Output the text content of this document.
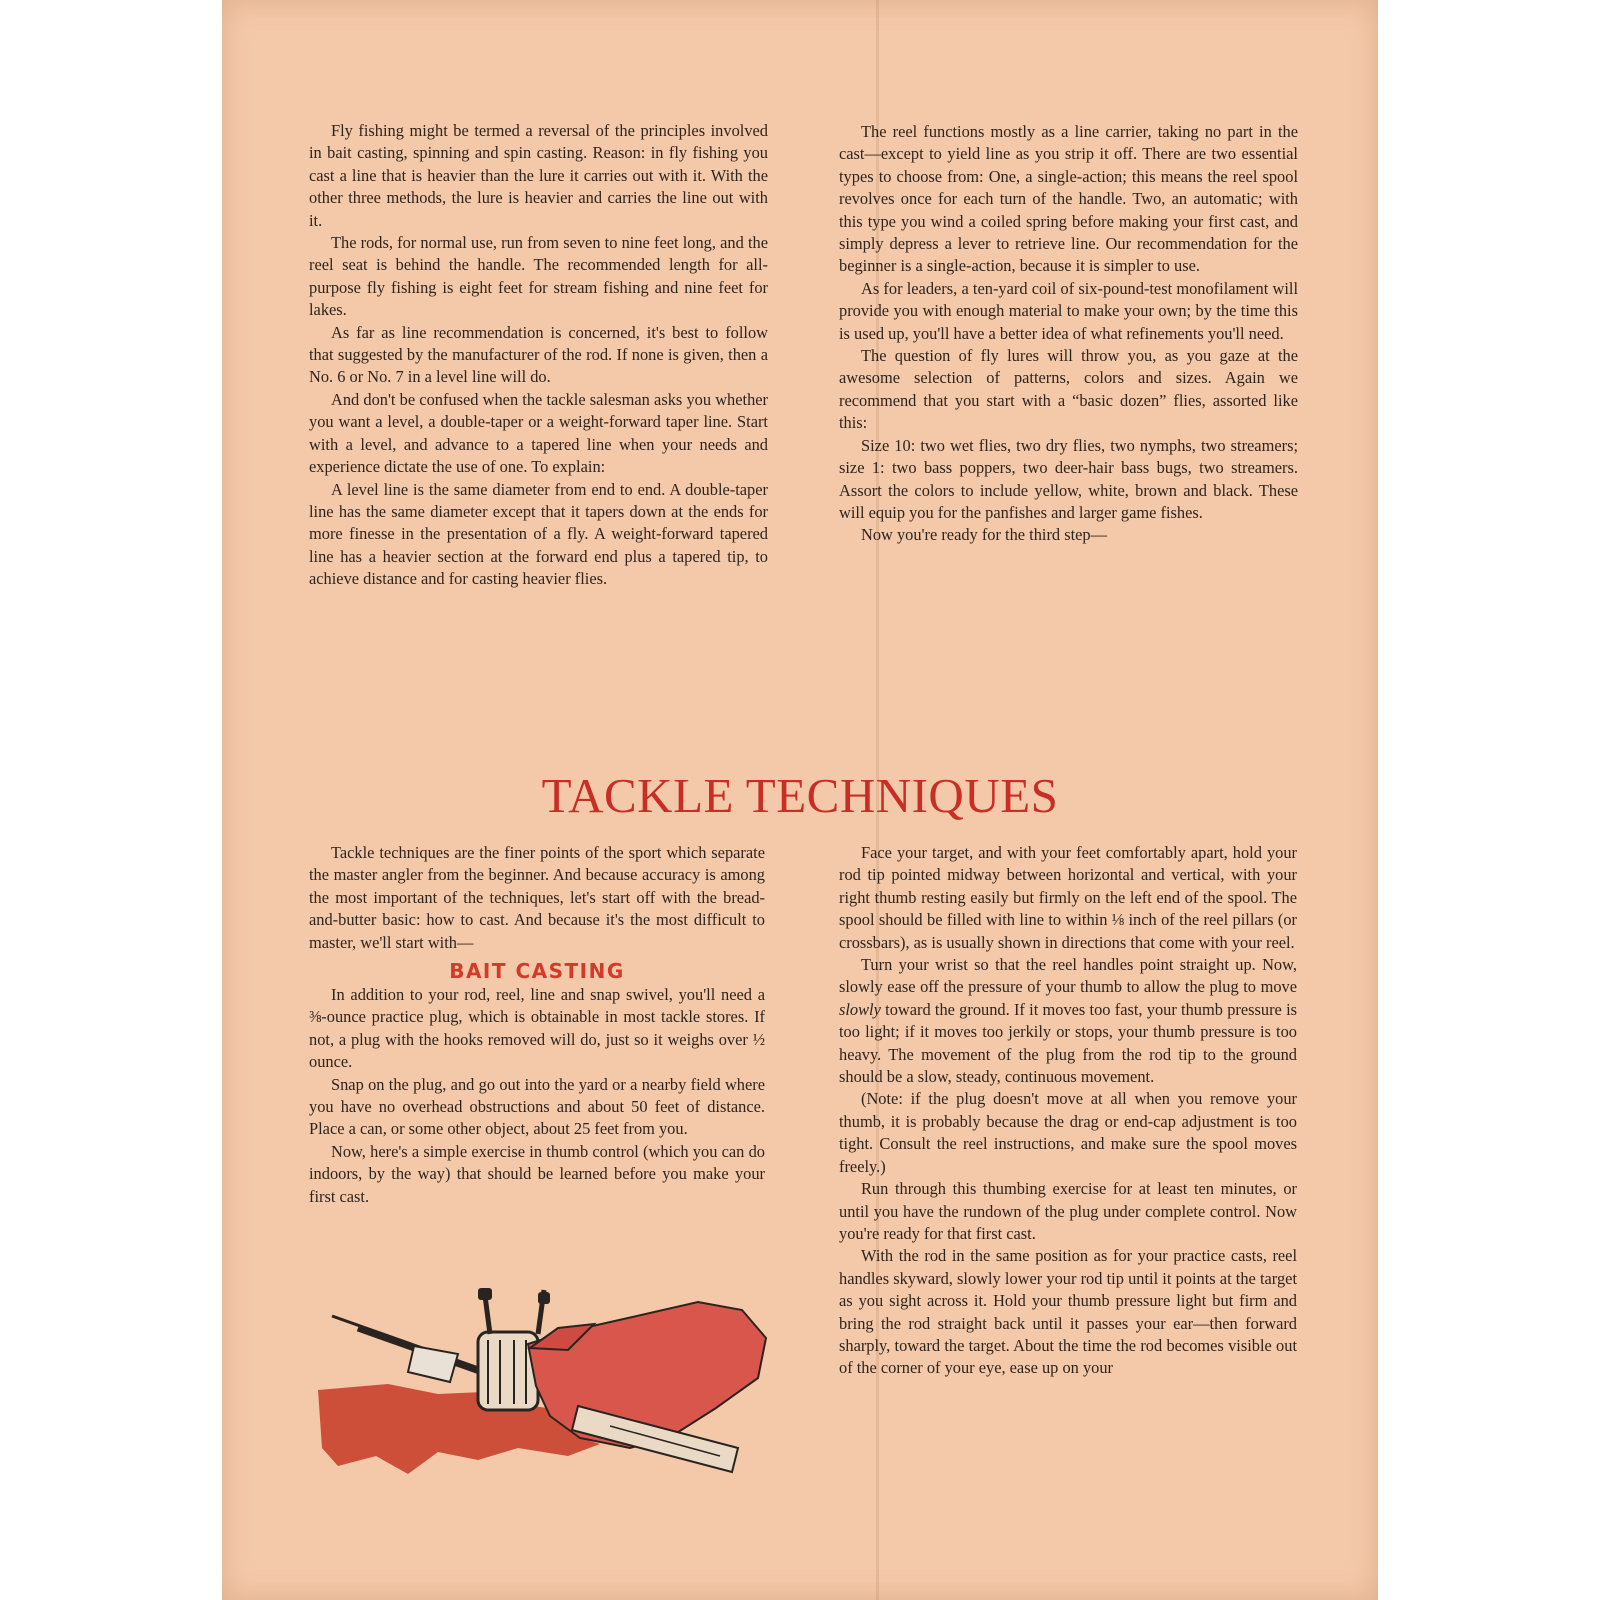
Fly fishing might be termed a reversal of the principles involved in bait casting, spinning and spin casting. Reason: in fly fishing you cast a line that is heavier than the lure it carries out with it. With the other three methods, the lure is heavier and carries the line out with it.

The rods, for normal use, run from seven to nine feet long, and the reel seat is behind the handle. The recommended length for all-purpose fly fishing is eight feet for stream fishing and nine feet for lakes.

As far as line recommendation is concerned, it's best to follow that suggested by the manufacturer of the rod. If none is given, then a No. 6 or No. 7 in a level line will do.

And don't be confused when the tackle salesman asks you whether you want a level, a double-taper or a weight-forward taper line. Start with a level, and advance to a tapered line when your needs and experience dictate the use of one. To explain:

A level line is the same diameter from end to end. A double-taper line has the same diameter except that it tapers down at the ends for more finesse in the presentation of a fly. A weight-forward tapered line has a heavier section at the forward end plus a tapered tip, to achieve distance and for casting heavier flies.

The reel functions mostly as a line carrier, taking no part in the cast—except to yield line as you strip it off. There are two essential types to choose from: One, a single-action; this means the reel spool revolves once for each turn of the handle. Two, an automatic; with this type you wind a coiled spring before making your first cast, and simply depress a lever to retrieve line. Our recommendation for the beginner is a single-action, because it is simpler to use.

As for leaders, a ten-yard coil of six-pound-test monofilament will provide you with enough material to make your own; by the time this is used up, you'll have a better idea of what refinements you'll need.

The question of fly lures will throw you, as you gaze at the awesome selection of patterns, colors and sizes. Again we recommend that you start with a “basic dozen” flies, assorted like this:

Size 10: two wet flies, two dry flies, two nymphs, two streamers; size 1: two bass poppers, two deer-hair bass bugs, two streamers. Assort the colors to include yellow, white, brown and black. These will equip you for the panfishes and larger game fishes.

Now you're ready for the third step—

TACKLE TECHNIQUES

Tackle techniques are the finer points of the sport which separate the master angler from the beginner. And because accuracy is among the most important of the techniques, let's start off with the bread-and-butter basic: how to cast. And because it's the most difficult to master, we'll start with—

BAIT CASTING

In addition to your rod, reel, line and snap swivel, you'll need a ⅜-ounce practice plug, which is obtainable in most tackle stores. If not, a plug with the hooks removed will do, just so it weighs over ½ ounce.

Snap on the plug, and go out into the yard or a nearby field where you have no overhead obstructions and about 50 feet of distance. Place a can, or some other object, about 25 feet from you.

Now, here's a simple exercise in thumb control (which you can do indoors, by the way) that should be learned before you make your first cast.

Face your target, and with your feet comfortably apart, hold your rod tip pointed midway between horizontal and vertical, with your right thumb resting easily but firmly on the left end of the spool. The spool should be filled with line to within ⅛ inch of the reel pillars (or crossbars), as is usually shown in directions that come with your reel.

Turn your wrist so that the reel handles point straight up. Now, slowly ease off the pressure of your thumb to allow the plug to move slowly toward the ground. If it moves too fast, your thumb pressure is too light; if it moves too jerkily or stops, your thumb pressure is too heavy. The movement of the plug from the rod tip to the ground should be a slow, steady, continuous movement.

(Note: if the plug doesn't move at all when you remove your thumb, it is probably because the drag or end-cap adjustment is too tight. Consult the reel instructions, and make sure the spool moves freely.)

Run through this thumbing exercise for at least ten minutes, or until you have the rundown of the plug under complete control. Now you're ready for that first cast.

With the rod in the same position as for your practice casts, reel handles skyward, slowly lower your rod tip until it points at the target as you sight across it. Hold your thumb pressure light but firm and bring the rod straight back until it passes your ear—then forward sharply, toward the target. About the time the rod becomes visible out of the corner of your eye, ease up on your
